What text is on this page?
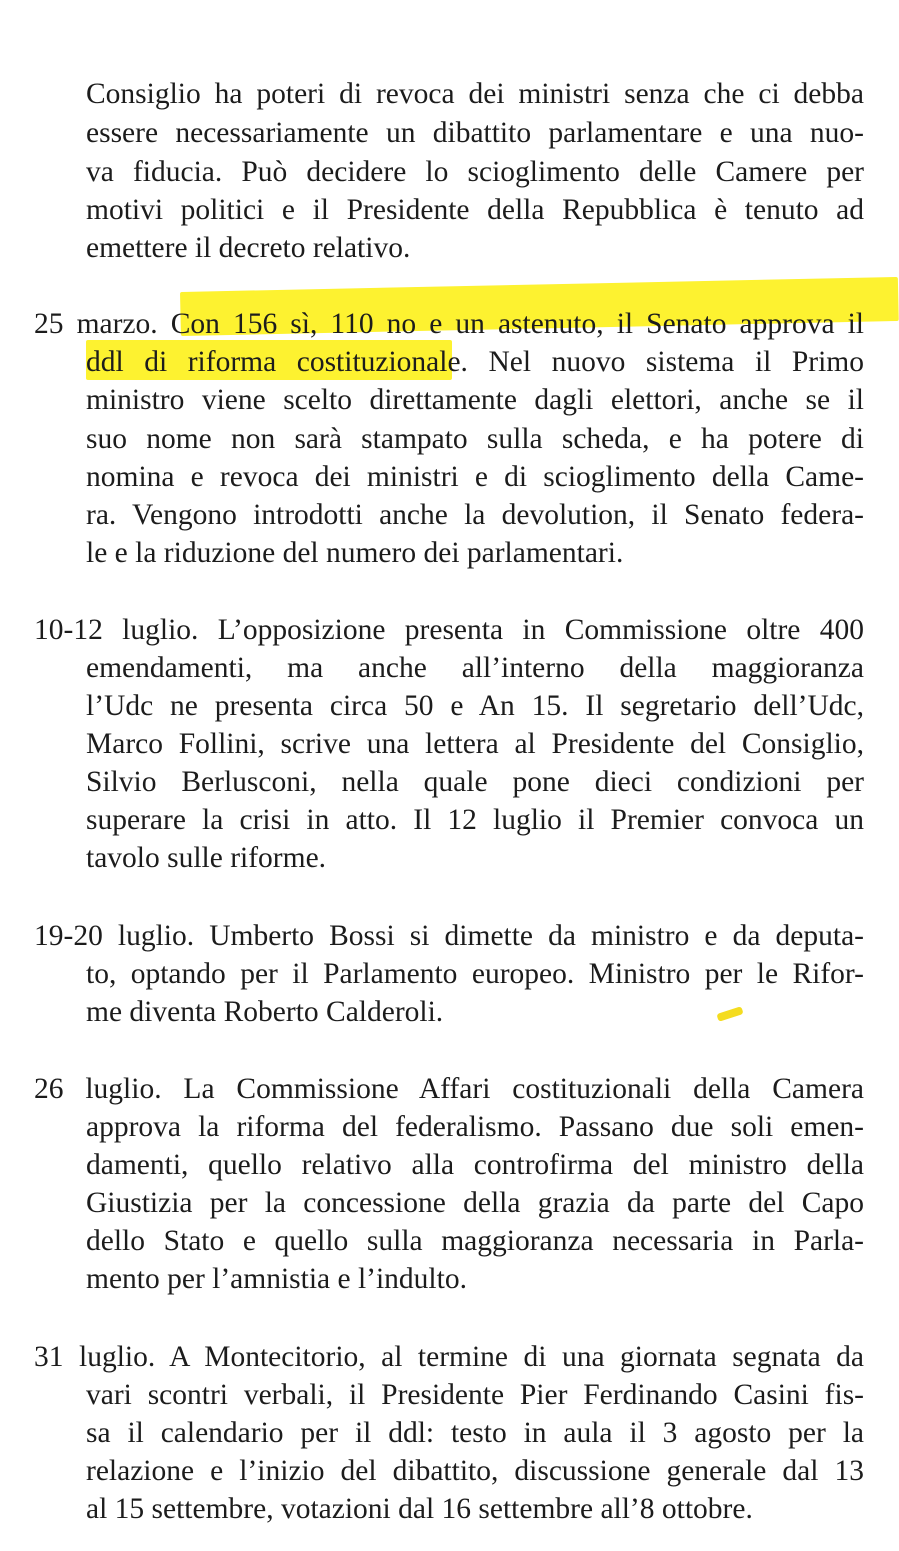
Consiglio ha poteri di revoca dei ministri senza che ci debba
essere necessariamente un dibattito parlamentare e una nuo-
va fiducia. Può decidere lo scioglimento delle Camere per
motivi politici e il Presidente della Repubblica è tenuto ad
emettere il decreto relativo.
25 marzo. Con 156 sì, 110 no e un astenuto, il Senato approva il
ddl di riforma costituzionale. Nel nuovo sistema il Primo
ministro viene scelto direttamente dagli elettori, anche se il
suo nome non sarà stampato sulla scheda, e ha potere di
nomina e revoca dei ministri e di scioglimento della Came-
ra. Vengono introdotti anche la devolution, il Senato federa-
le e la riduzione del numero dei parlamentari.
10-12 luglio. L’opposizione presenta in Commissione oltre 400
emendamenti, ma anche all’interno della maggioranza
l’Udc ne presenta circa 50 e An 15. Il segretario dell’Udc,
Marco Follini, scrive una lettera al Presidente del Consiglio,
Silvio Berlusconi, nella quale pone dieci condizioni per
superare la crisi in atto. Il 12 luglio il Premier convoca un
tavolo sulle riforme.
19-20 luglio. Umberto Bossi si dimette da ministro e da deputa-
to, optando per il Parlamento europeo. Ministro per le Rifor-
me diventa Roberto Calderoli.
26 luglio. La Commissione Affari costituzionali della Camera
approva la riforma del federalismo. Passano due soli emen-
damenti, quello relativo alla controfirma del ministro della
Giustizia per la concessione della grazia da parte del Capo
dello Stato e quello sulla maggioranza necessaria in Parla-
mento per l’amnistia e l’indulto.
31 luglio. A Montecitorio, al termine di una giornata segnata da
vari scontri verbali, il Presidente Pier Ferdinando Casini fis-
sa il calendario per il ddl: testo in aula il 3 agosto per la
relazione e l’inizio del dibattito, discussione generale dal 13
al 15 settembre, votazioni dal 16 settembre all’8 ottobre.
